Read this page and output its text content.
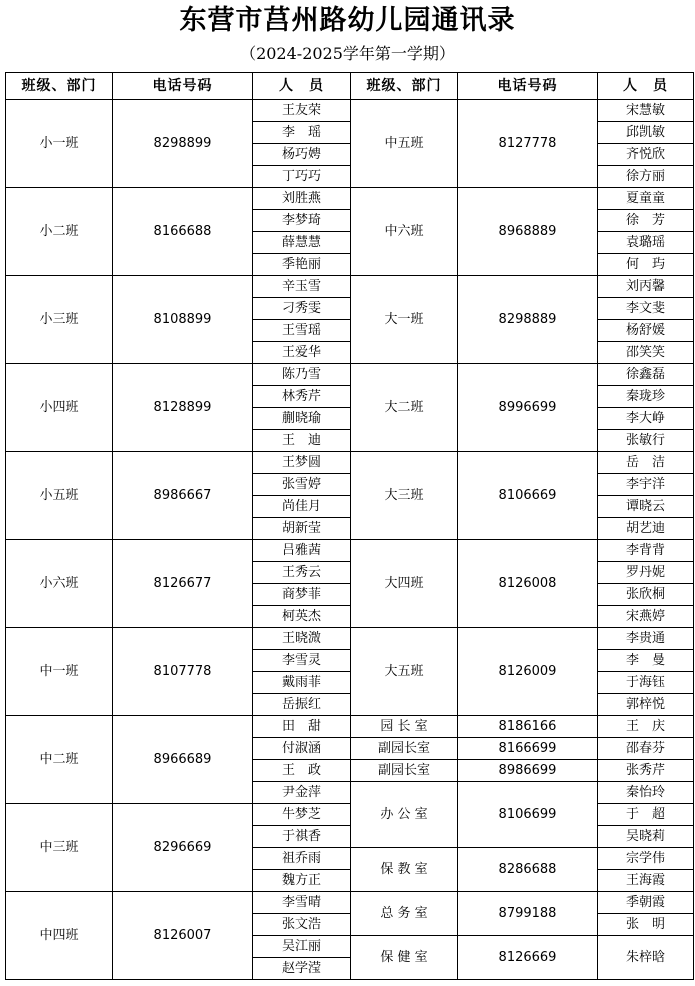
东营市莒州路幼儿园通讯录
（2024-2025学年第一学期）
班级、部门	电话号码	人　员	班级、部门	电话号码	人　员
小一班	8298899	王友荣	中五班	8127778	宋慧敏
		李　瑶			邱凯敏
		杨巧娉			齐悦欣
		丁巧巧			徐方丽
小二班	8166688	刘胜燕	中六班	8968889	夏童童
		李梦琦			徐　芳
		薛慧慧			袁璐瑶
		季艳丽			何　玙
小三班	8108899	辛玉雪	大一班	8298889	刘丙馨
		刁秀雯			李文斐
		王雪瑶			杨舒媛
		王爱华			邵笑笑
小四班	8128899	陈乃雪	大二班	8996699	徐鑫磊
		林秀芹			秦珑珍
		蒯晓瑜			李大峥
		王　迪			张敏行
小五班	8986667	王梦圆	大三班	8106669	岳　洁
		张雪婷			李宇洋
		尚佳月			谭晓云
		胡新莹			胡艺迪
小六班	8126677	吕雅茜	大四班	8126008	李背背
		王秀云			罗丹妮
		商梦菲			张欣桐
		柯英杰			宋燕婷
中一班	8107778	王晓溦	大五班	8126009	李贵通
		李雪灵			李　曼
		戴雨菲			于海钰
		岳振红			郭梓悦
中二班	8966689	田　甜	园 长 室	8186166	王　庆
		付淑涵	副园长室	8166699	邵春芬
		王　政	副园长室	8986699	张秀芹
		尹金萍	办 公 室	8106699	秦怡玲
中三班	8296669	牛梦芝			于　超
		于祺香			吴晓莉
		祖乔雨	保 教 室	8286688	宗学伟
		魏方正			王海霞
中四班	8126007	李雪晴	总 务 室	8799188	季朝霞
		张文浩			张　明
		吴江丽	保 健 室	8126669	朱梓晗
		赵学滢			
